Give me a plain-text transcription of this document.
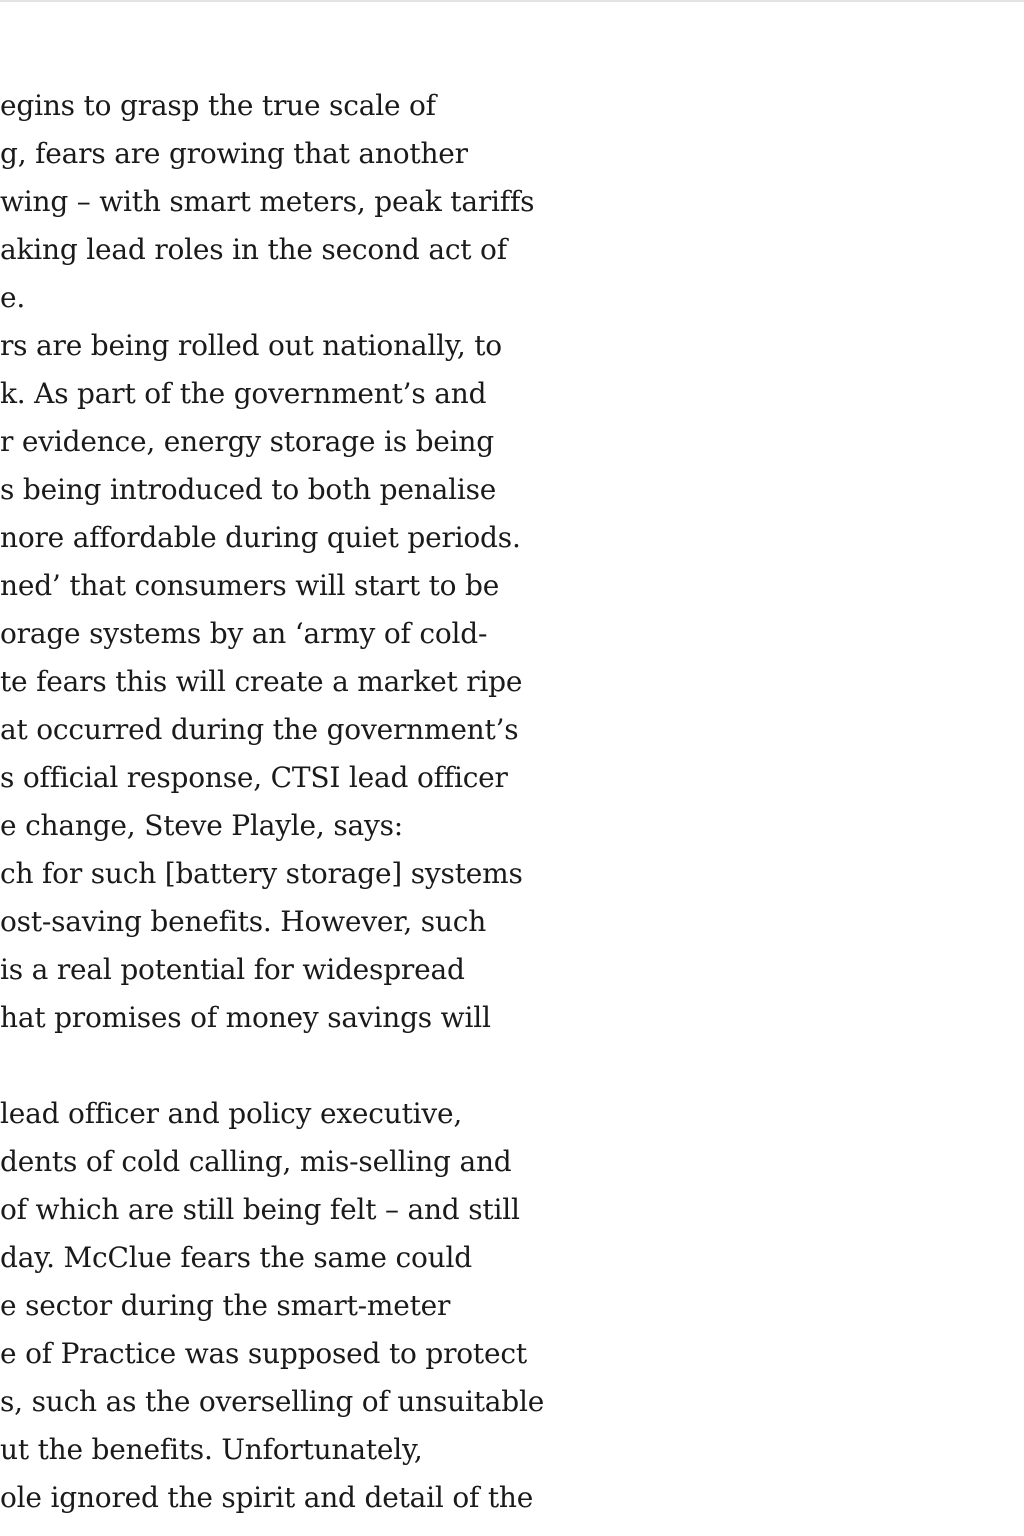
egins to grasp the true scale of
g, fears are growing that another
wing – with smart meters, peak tariffs
aking lead roles in the second act of
e.
rs are being rolled out nationally, to
k. As part of the government’s and
r evidence, energy storage is being
s being introduced to both penalise
nore affordable during quiet periods.
ned’ that consumers will start to be
orage systems by an ‘army of cold-
te fears this will create a market ripe
at occurred during the government’s
s official response, CTSI lead officer
e change, Steve Playle, says:
ch for such [battery storage] systems
ost-saving benefits. However, such
is a real potential for widespread
hat promises of money savings will
lead officer and policy executive,
dents of cold calling, mis-selling and
of which are still being felt – and still
day. McClue fears the same could
e sector during the smart-meter
e of Practice was supposed to protect
s, such as the overselling of unsuitable
ut the benefits. Unfortunately,
ole ignored the spirit and detail of the
